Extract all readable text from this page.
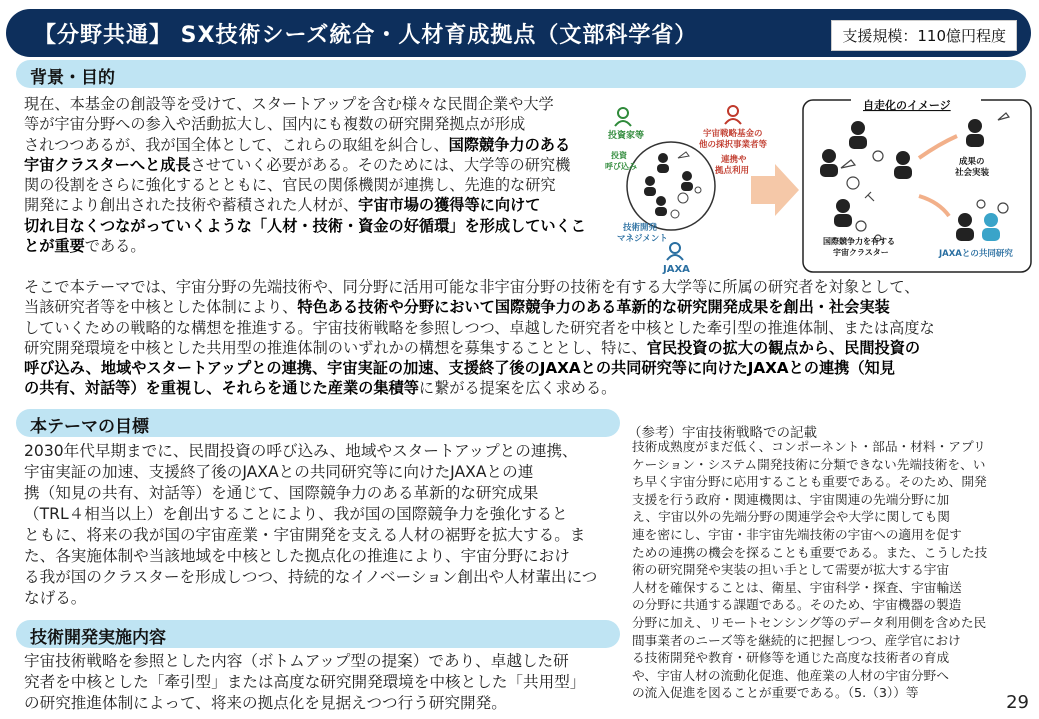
【分野共通】 SX技術シーズ統合・人材育成拠点（文部科学省）	支援規模：110億円程度
背景・目的
現在、本基金の創設等を受けて、スタートアップを含む様々な民間企業や大学
等が宇宙分野への参入や活動拡大し、国内にも複数の研究開発拠点が形成
されつつあるが、我が国全体として、これらの取組を糾合し、国際競争力のある
宇宙クラスターへと成長させていく必要がある。そのためには、大学等の研究機
関の役割をさらに強化するとともに、官民の関係機関が連携し、先進的な研究
開発により創出された技術や蓄積された人材が、宇宙市場の獲得等に向けて
切れ目なくつながっていくような「人材・技術・資金の好循環」を形成していくこ
とが重要である。
そこで本テーマでは、宇宙分野の先端技術や、同分野に活用可能な非宇宙分野の技術を有する大学等に所属の研究者を対象として、
当該研究者等を中核とした体制により、特色ある技術や分野において国際競争力のある革新的な研究開発成果を創出・社会実装
していくための戦略的な構想を推進する。宇宙技術戦略を参照しつつ、卓越した研究者を中核とした牽引型の推進体制、または高度な
研究開発環境を中核とした共用型の推進体制のいずれかの構想を募集することとし、特に、官民投資の拡大の観点から、民間投資の
呼び込み、地域やスタートアップとの連携、宇宙実証の加速、支援終了後のJAXAとの共同研究等に向けたJAXAとの連携（知見
の共有、対話等）を重視し、それらを通じた産業の集積等に繋がる提案を広く求める。
投資家等
投資
呼び込み
宇宙戦略基金の
他の採択事業者等
連携や
拠点利用
技術開発
マネジメント
JAXA
自走化のイメージ
成果の
社会実装
国際競争力を有する
宇宙クラスター	JAXAとの共同研究
本テーマの目標
2030年代早期までに、民間投資の呼び込み、地域やスタートアップとの連携、
宇宙実証の加速、支援終了後のJAXAとの共同研究等に向けたJAXAとの連
携（知見の共有、対話等）を通じて、国際競争力のある革新的な研究成果
（TRL４相当以上）を創出することにより、我が国の国際競争力を強化すると
ともに、将来の我が国の宇宙産業・宇宙開発を支える人材の裾野を拡大する。ま
た、各実施体制や当該地域を中核とした拠点化の推進により、宇宙分野におけ
る我が国のクラスターを形成しつつ、持続的なイノベーション創出や人材輩出につ
なげる。
技術開発実施内容
宇宙技術戦略を参照とした内容（ボトムアップ型の提案）であり、卓越した研
究者を中核とした「牽引型」または高度な研究開発環境を中核とした「共用型」
の研究推進体制によって、将来の拠点化を見据えつつ行う研究開発。
（参考）宇宙技術戦略での記載
技術成熟度がまだ低く、コンポーネント・部品・材料・アプリ
ケーション・システム開発技術に分類できない先端技術を、い
ち早く宇宙分野に応用することも重要である。そのため、開発
支援を行う政府・関連機関は、宇宙関連の先端分野に加
え、宇宙以外の先端分野の関連学会や大学に関しても関
連を密にし、宇宙・非宇宙先端技術の宇宙への適用を促す
ための連携の機会を探ることも重要である。また、こうした技
術の研究開発や実装の担い手として需要が拡大する宇宙
人材を確保することは、衛星、宇宙科学・探査、宇宙輸送
の分野に共通する課題である。そのため、宇宙機器の製造
分野に加え、リモートセンシング等のデータ利用側を含めた民
間事業者のニーズ等を継続的に把握しつつ、産学官におけ
る技術開発や教育・研修等を通じた高度な技術者の育成
や、宇宙人材の流動化促進、他産業の人材の宇宙分野へ
の流入促進を図ることが重要である。（5.（3））等	29
